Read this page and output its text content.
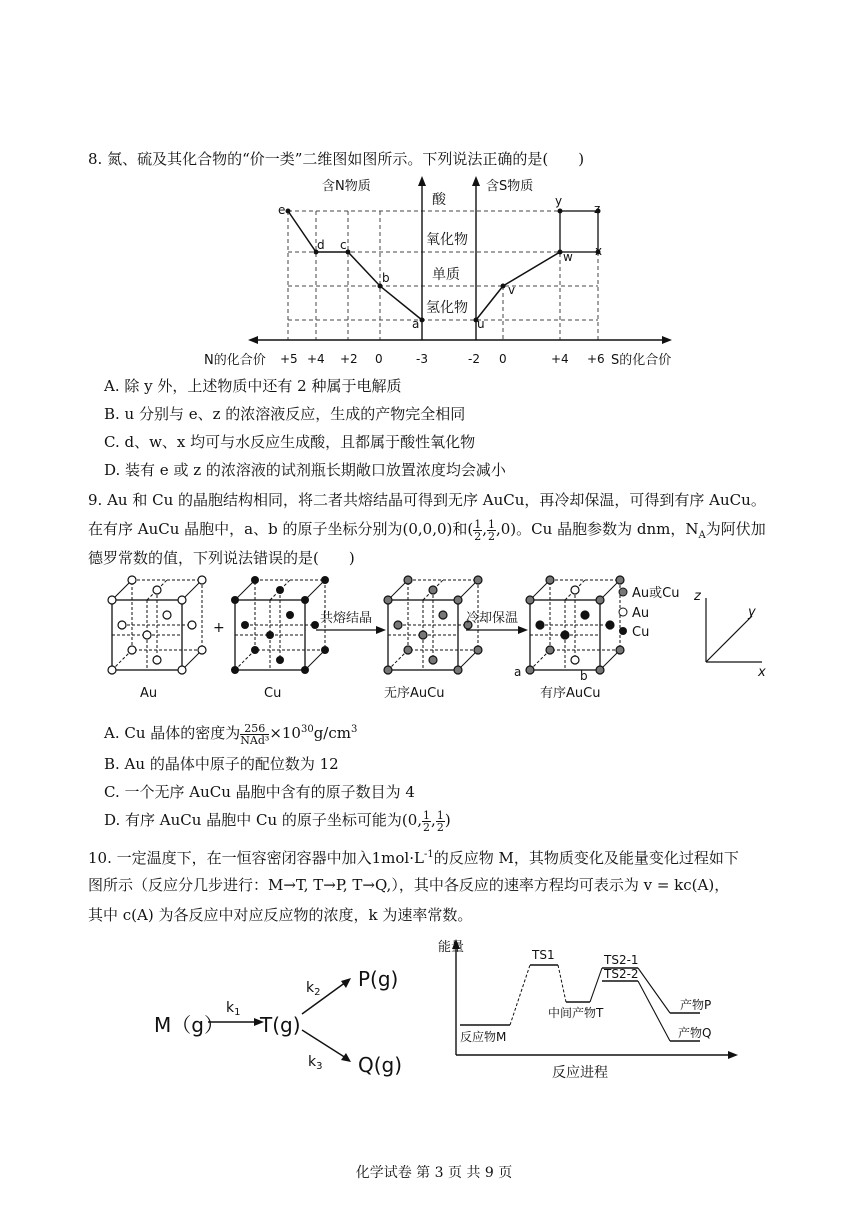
8. 氮、硫及其化合物的“价一类”二维图如图所示。下列说法正确的是(　　)
含N物质	含S物质
酸
氧化物
单质
氢化物
e
d c
b
a	u
v
w x
y
z
N的化合价	S的化合价
+5 +4 +2 0	-3	-2 0	+4 +6
A. 除 y 外，上述物质中还有 2 种属于电解质
B. u 分别与 e、z 的浓溶液反应，生成的产物完全相同
C. d、w、x 均可与水反应生成酸，且都属于酸性氧化物
D. 装有 e 或 z 的浓溶液的试剂瓶长期敞口放置浓度均会减小
9. Au 和 Cu 的晶胞结构相同，将二者共熔结晶可得到无序 AuCu，再冷却保温，可得到有序 AuCu。
在有序 AuCu 晶胞中，a、b 的原子坐标分别为(0,0,0)和( $\frac{1}{2}$ , $\frac{1}{2} ,0$)。Cu 晶胞参数为 dnm，$N_A$为阿伏加
德罗常数的值，下列说法错误的是(　　)
+
共熔结晶	冷却保温
a	b
Au或Cu
Au
Cu
z
y
x
Au	Cu	无序AuCu	有序AuCu
A. Cu 晶体的密度为 $\frac{256}{\text{NAd³}} \times 10^{30}g/cm^3$
B. Au 的晶体中原子的配位数为 12
C. 一个无序 AuCu 晶胞中含有的原子数目为 4
D. 有序 AuCu 晶胞中 Cu 的原子坐标可能为(0, $\frac{1}{2}$ , $\frac{1}{2}$ )
10. 一定温度下，在一恒容密闭容器中加入$1mol\cdot L^{-1}$的反应物 M，其物质变化及能量变化过程如下
图所示（反应分几步进行：M→T, T→P, T→Q,），其中各反应的速率方程均可表示为 v = kc(A)，
其中 c(A) 为各反应中对应反应物的浓度，k 为速率常数。
M（g）
$k_1$
T(g)
$k_2$
$k_3$
P(g)
Q(g)
能量
反应进程
TS1	TS2-1
TS2-2
中间产物T
反应物M
产物P
产物Q
化学试卷 第 3 页 共 9 页
